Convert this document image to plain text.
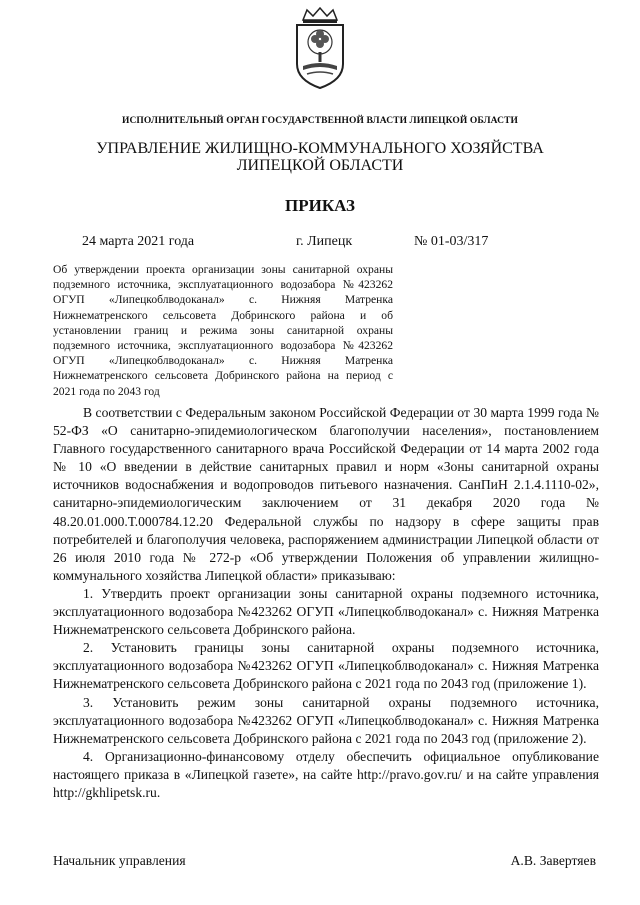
ИСПОЛНИТЕЛЬНЫЙ ОРГАН ГОСУДАРСТВЕННОЙ ВЛАСТИ ЛИПЕЦКОЙ ОБЛАСТИ
УПРАВЛЕНИЕ ЖИЛИЩНО-КОММУНАЛЬНОГО ХОЗЯЙСТВА
ЛИПЕЦКОЙ ОБЛАСТИ
ПРИКАЗ
24 марта 2021 года	г. Липецк	№ 01-03/317
Об утверждении проекта организации зоны санитарной охраны подземного источника, эксплуатационного водозабора №423262 ОГУП «Липецкоблводоканал» с. Нижняя Матренка Нижнематренского сельсовета Добринского района и об установлении границ и режима зоны санитарной охраны подземного источника, эксплуатационного водозабора №423262 ОГУП «Липецкоблводоканал» с. Нижняя Матренка Нижнематренского сельсовета Добринского района на период с 2021 года по 2043 год

В соответствии с Федеральным законом Российской Федерации от 30 марта 1999 года № 52-ФЗ «О санитарно-эпидемиологическом благополучии населения», постановлением Главного государственного санитарного врача Российской Федерации от 14 марта 2002 года № 10 «О введении в действие санитарных правил и норм «Зоны санитарной охраны источников водоснабжения и водопроводов питьевого назначения. СанПиН 2.1.4.1110-02», санитарно-эпидемиологическим заключением от 31 декабря 2020 года № 48.20.01.000.Т.000784.12.20 Федеральной службы по надзору в сфере защиты прав потребителей и благополучия человека, распоряжением администрации Липецкой области от 26 июля 2010 года № 272-р «Об утверждении Положения об управлении жилищно-коммунального хозяйства Липецкой области» приказываю:

1. Утвердить проект организации зоны санитарной охраны подземного источника, эксплуатационного водозабора №423262 ОГУП «Липецкоблводоканал» с. Нижняя Матренка Нижнематренского сельсовета Добринского района.

2. Установить границы зоны санитарной охраны подземного источника, эксплуатационного водозабора №423262 ОГУП «Липецкоблводоканал» с. Нижняя Матренка Нижнематренского сельсовета Добринского района с 2021 года по 2043 год (приложение 1).

3. Установить режим зоны санитарной охраны подземного источника, эксплуатационного водозабора №423262 ОГУП «Липецкоблводоканал» с. Нижняя Матренка Нижнематренского сельсовета Добринского района с 2021 года по 2043 год (приложение 2).

4. Организационно-финансовому отделу обеспечить официальное опубликование настоящего приказа в «Липецкой газете», на сайте http://pravo.gov.ru/ и на сайте управления http://gkhlipetsk.ru.

Начальник управления	А.В. Завертяев
